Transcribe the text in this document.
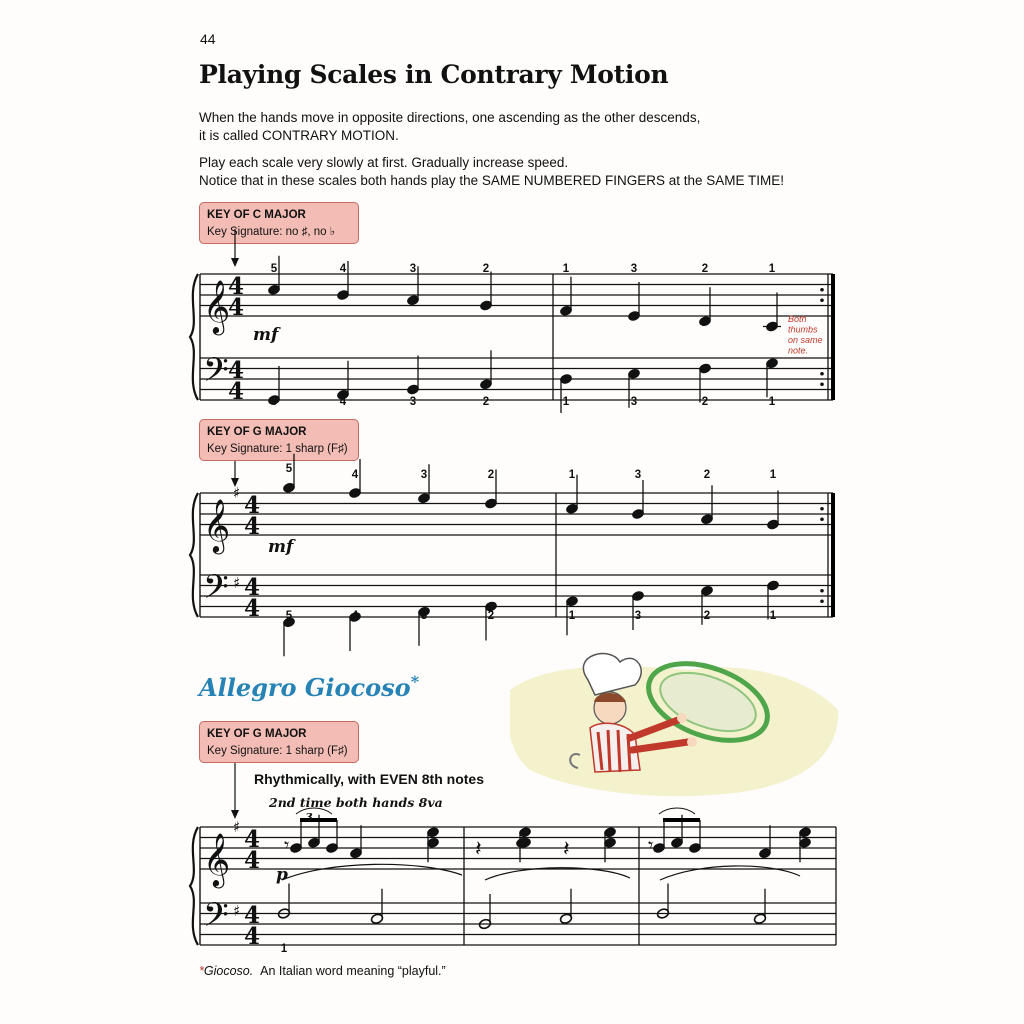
44
Playing Scales in Contrary Motion
When the hands move in opposite directions, one ascending as the other descends,
it is called CONTRARY MOTION.
Play each scale very slowly at first. Gradually increase speed.
Notice that in these scales both hands play the SAME NUMBERED FINGERS at the SAME TIME!
KEY OF C MAJOR
Key Signature: no ♯, no ♭
KEY OF G MAJOR
Key Signature: 1 sharp (F♯)
Allegro Giocoso*
KEY OF G MAJOR
Key Signature: 1 sharp (F♯)
Rhythmically, with EVEN 8th notes
2nd time both hands 8va
𝄞
𝄢
4
4
4
4
5
5
4
4
3
3
2
2
1
1
3
3
2
2
1
1
mf
Both
thumbs
on same
note.
𝄞
𝄢
♯
♯
4
4
4
4
5
5
4
4
3
3
2
2
1
1
3
3
2
2
1
1
mf
𝄞
𝄢
♯
♯
4
4
4
4
𝄾	𝄾
𝄽	𝄽
3
p
1
*Giocoso. An Italian word meaning “playful.”
